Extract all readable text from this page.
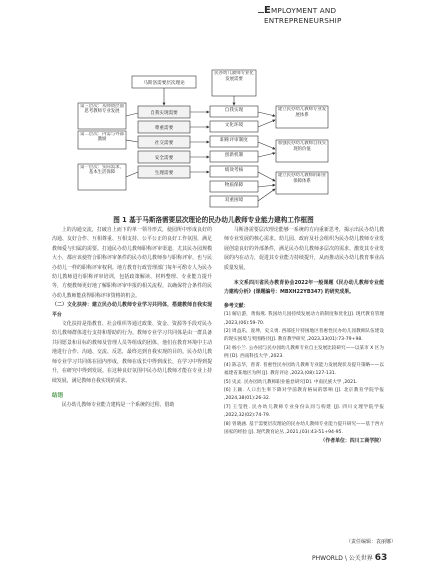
EMPLOYMENT AND ENTREPRENEURSHIP
马斯洛需要层次理论
自我实现需要
尊重需要
社交需要
安全需要
生理需要
自我实现
文化环境
职称评审制度
创新机制
绩效考核
物质保障
双重困境
第三层次：从师资层面思考教师专业发展
第二层次：内需与外部激励
第一层次：实际需求、基本生活保障
民办幼儿教师专业化发展需要
建立民办幼儿教师专业发展体系
加强民办幼儿教师自我实现的价值
建立民办幼儿教师的职业保障体系
图 1 基于马斯洛需要层次理论的民办幼儿教师专业能力建构工作框图

上的沟通交流，打破自上而下的单一领导形式，使园所中形成良好的沟通、友好合作、互相尊重、互相支持、公平公正的良好工作氛围，满足教师爱与归属的需要。打通民办幼儿教师职称评审渠道，尤其民办园规模大小，都应该使符合职称评审条件的民办幼儿教师参与职称评审，也与民办幼儿一样的职称评审权利。地方教育行政管理部门每年可酌专人为民办幼儿教师进行职称评审培训，包括政策解读、材料整理、专业能力提升等，方便教师更好地了解职称评审申报的相关流程，以确保符合条件的民办幼儿教师能获得职称评审资格的机会。

（二）文化扶持：建立民办幼儿教师专业学习共同体，搭建教师自我实现平台

文化扶持是指教育、社会组织等通过政策、资金、资源等手段对民办幼儿教师群体进行支持和帮助的行为。教师专业学习共同体是由一群具备共同愿景和目标的教师及管理人员等组成的团体，他们在教育环境中主动地进行合作、沟通、交流、反思，最终达到自我实现的目的。民办幼儿教师专业学习共同体在园内形成，教师在成长中得到成长，在学习中得到提升，在研究中得到发展。在这种良好氛围中民办幼儿教师才能在专业上持续发展，满足教师自我实现的需求。

结语

民办幼儿教师专业能力建构是一个系统的过程，借助

马斯洛需要层次理论能够一系统的方向重新思考，揭示出民办幼儿教师专业发展的核心需求。幼儿园、政府及社会组织为民办幼儿教师专业发展创造良好的外部条件，满足民办幼儿教师多层次的需求，激发其专业发展的内在动力，促进其专业能力持续提升，从而推动民办幼儿教育事业高质量发展。

本文系四川省民办教育协会2022年一般课题《民办幼儿教师专业能力建构分析》(课题编号：MBXH22YB347) 的研究成果。

参考文献：

[1] 解后游，黄海燕. 我国幼儿园持续发展动力的制度和优化[J]. 现代教育管理 ,2023,(06):59-70.

[2] 周益乐，庞坤，史义勇. 西部连片特困地区普惠性民办幼儿园教师队伍建设的现实困境与突围路径[J]. 教育教学研究 ,2023,33(01):73-79+98.

[3] 杨小兰. 公办园与民办园幼儿教师专业自主发展比较研究——以某市 X 区为例 [D]. 西南科技大学 ,2023.

[4] 陈志华，曾菁. 普惠性民办园幼儿教师专业能力发展现状及提升策略——以福建省某地区为例 [J]. 教育评论 ,2023,(08):127-131.

[5] 史灵. 民办园幼儿教师职业倦怠研究[D]. 中南民族大学 ,2021.

[6] 王颖. 人口出生率下降对学前教育格局的影响 [J]. 北京教育学院学报 ,2024,38(01):26-32.

[7] 王莹胜. 民办幼儿教师专业身份认同与构建 [J]. 四川文理学院学报 ,2022,32(02):74-79.

[8] 曾晓涵. 基于需要层次理论的民办幼儿教师专业能力提升研究——基于西方国家的经验 [J]. 现代教育论丛 ,2021,(03):43-51+94-95.

（作者单位：四川工商学院）

（责任编辑：袁丽娜）
PHWORLD \ 公关世界 63
